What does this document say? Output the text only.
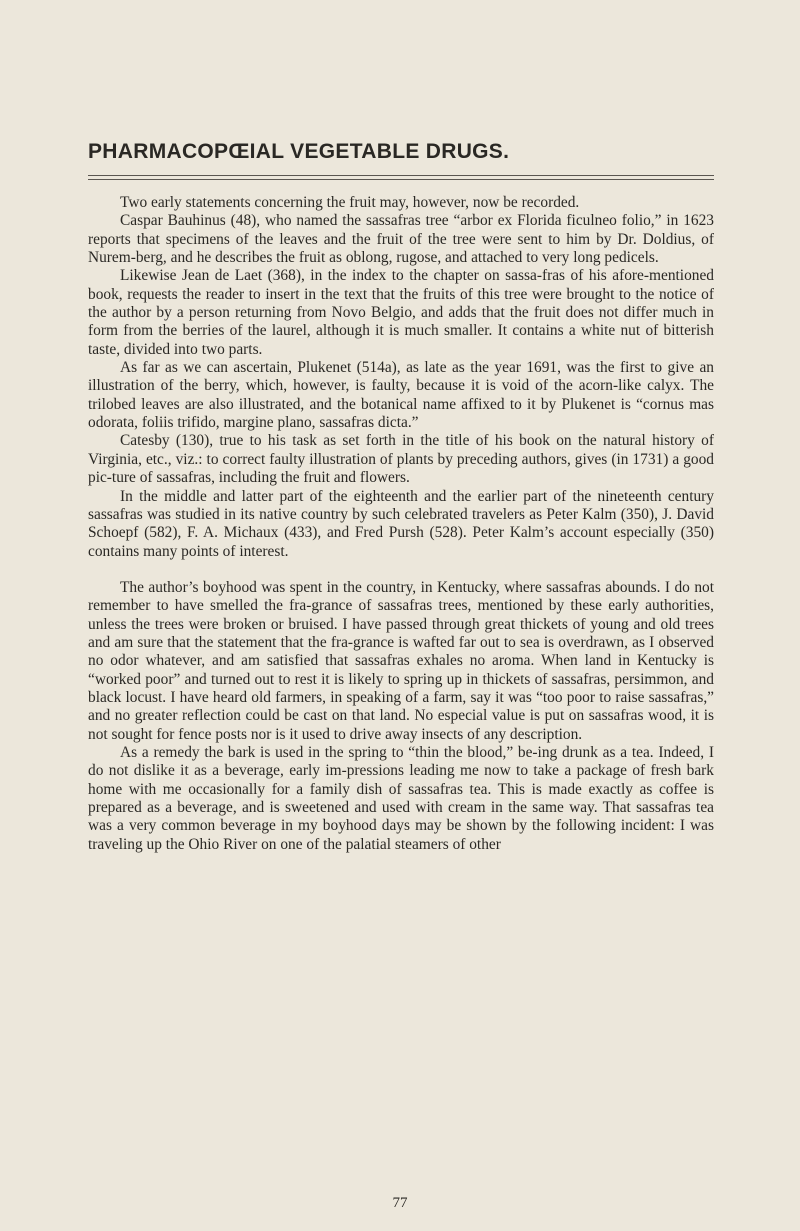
PHARMACOPŒIAL VEGETABLE DRUGS.

Two early statements concerning the fruit may, however, now be recorded.

Caspar Bauhinus (48), who named the sassafras tree “arbor ex Florida ficulneo folio,” in 1623 reports that specimens of the leaves and the fruit of the tree were sent to him by Dr. Doldius, of Nurem-berg, and he describes the fruit as oblong, rugose, and attached to very long pedicels.

Likewise Jean de Laet (368), in the index to the chapter on sassa-fras of his afore-mentioned book, requests the reader to insert in the text that the fruits of this tree were brought to the notice of the author by a person returning from Novo Belgio, and adds that the fruit does not differ much in form from the berries of the laurel, although it is much smaller. It contains a white nut of bitterish taste, divided into two parts.

As far as we can ascertain, Plukenet (514a), as late as the year 1691, was the first to give an illustration of the berry, which, however, is faulty, because it is void of the acorn-like calyx. The trilobed leaves are also illustrated, and the botanical name affixed to it by Plukenet is “cornus mas odorata, foliis trifido, margine plano, sassafras dicta.”

Catesby (130), true to his task as set forth in the title of his book on the natural history of Virginia, etc., viz.: to correct faulty illustration of plants by preceding authors, gives (in 1731) a good pic-ture of sassafras, including the fruit and flowers.

In the middle and latter part of the eighteenth and the earlier part of the nineteenth century sassafras was studied in its native country by such celebrated travelers as Peter Kalm (350), J. David Schoepf (582), F. A. Michaux (433), and Fred Pursh (528). Peter Kalm’s account especially (350) contains many points of interest.

The author’s boyhood was spent in the country, in Kentucky, where sassafras abounds. I do not remember to have smelled the fra-grance of sassafras trees, mentioned by these early authorities, unless the trees were broken or bruised. I have passed through great thickets of young and old trees and am sure that the statement that the fra-grance is wafted far out to sea is overdrawn, as I observed no odor whatever, and am satisfied that sassafras exhales no aroma. When land in Kentucky is “worked poor” and turned out to rest it is likely to spring up in thickets of sassafras, persimmon, and black locust. I have heard old farmers, in speaking of a farm, say it was “too poor to raise sassafras,” and no greater reflection could be cast on that land. No especial value is put on sassafras wood, it is not sought for fence posts nor is it used to drive away insects of any description.

As a remedy the bark is used in the spring to “thin the blood,” be-ing drunk as a tea. Indeed, I do not dislike it as a beverage, early im-pressions leading me now to take a package of fresh bark home with me occasionally for a family dish of sassafras tea. This is made exactly as coffee is prepared as a beverage, and is sweetened and used with cream in the same way. That sassafras tea was a very common beverage in my boyhood days may be shown by the following incident: I was traveling up the Ohio River on one of the palatial steamers of other

77
